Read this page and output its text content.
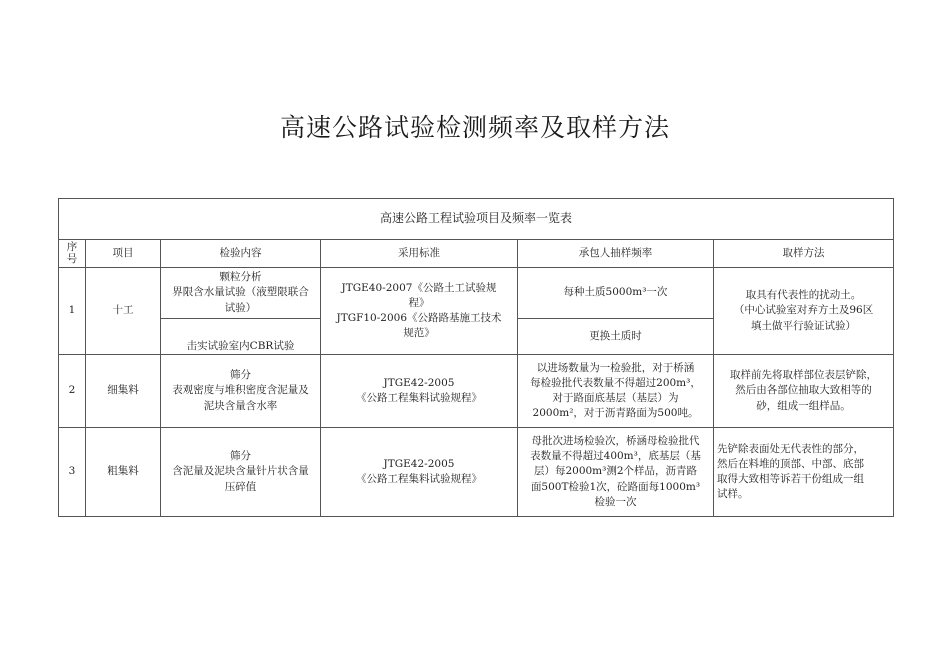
高速公路试验检测频率及取样方法
高速公路工程试验项目及频率一览表					
序
号	项目	检验内容	采用标准	承包人抽样频率	取样方法
1	十工	颗粒分析
界限含水量试验（液塑限联合
试验）	JTGE40-2007《公路土工试验规
程》
JTGF10-2006《公路路基施工技术
规范》	每种土质5000m³一次	取具有代表性的扰动土。
（中心试验室对弃方土及96区
填土做平行验证试验）

		击实试验室内CBR试验		更换土质时	
2	细集料	筛分
表观密度与堆积密度含泥量及
泥块含量含水率	JTGE42-2005
《公路工程集料试验规程》	以进场数量为一检验批，对于桥涵
每检验批代表数量不得超过200m³，
对于路面底基层（基层）为
2000m²，对于沥青路面为500吨。	取样前先将取样部位表层铲除，
然后由各部位抽取大致相等的
砂，组成一组样品。

3	粗集料	筛分
含泥量及泥块含量针片状含量
压碎值	JTGE42-2005
《公路工程集料试验规程》	母批次进场检验次，桥涵母检验批代
表数量不得超过400m³，底基层（基
层）每2000m³测2个样品，沥青路
面500T检验1次，砼路面每1000m³
检验一次	先铲除表面处无代表性的部分，
然后在料堆的顶部、中部、底部
取得大致相等诉若干份组成一组
试样。
